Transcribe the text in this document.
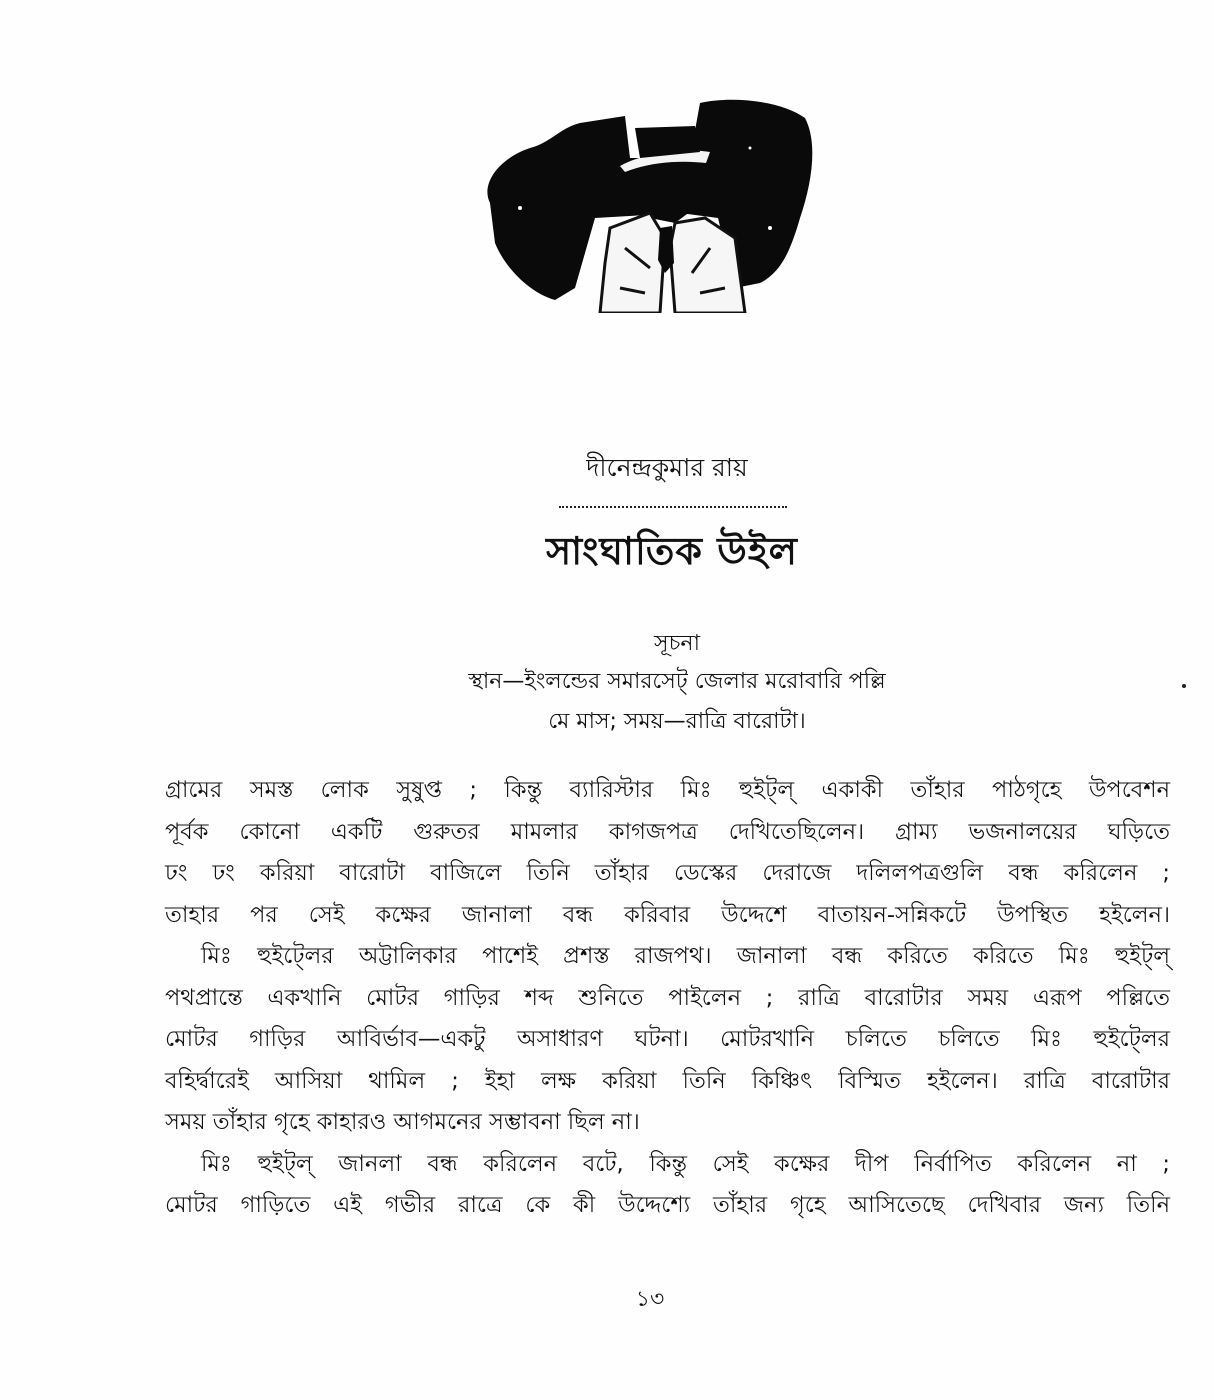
দীনেন্দ্রকুমার রায়
সাংঘাতিক উইল
সূচনা
স্থান—ইংলন্ডের সমারসেট্ জেলার মরোবারি পল্লি
মে মাস; সময়—রাত্রি বারোটা।
গ্রামের সমস্ত লোক সুষুপ্ত ; কিন্তু ব্যারিস্টার মিঃ হুইট্ল্ একাকী তাঁহার পাঠগৃহে উপবেশন
পূর্বক কোনো একটি গুরুতর মামলার কাগজপত্র দেখিতেছিলেন। গ্রাম্য ভজনালয়ের ঘড়িতে
ঢং ঢং করিয়া বারোটা বাজিলে তিনি তাঁহার ডেস্কের দেরাজে দলিলপত্রগুলি বন্ধ করিলেন ;
তাহার পর সেই কক্ষের জানালা বন্ধ করিবার উদ্দেশে বাতায়ন-সন্নিকটে উপস্থিত হইলেন।
মিঃ হুইট্লের অট্টালিকার পাশেই প্রশস্ত রাজপথ। জানালা বন্ধ করিতে করিতে মিঃ হুইট্ল্
পথপ্রান্তে একখানি মোটর গাড়ির শব্দ শুনিতে পাইলেন ; রাত্রি বারোটার সময় এরূপ পল্লিতে
মোটর গাড়ির আবির্ভাব—একটু অসাধারণ ঘটনা। মোটরখানি চলিতে চলিতে মিঃ হুইট্লের
বহির্দ্বারেই আসিয়া থামিল ; ইহা লক্ষ করিয়া তিনি কিঞ্চিৎ বিস্মিত হইলেন। রাত্রি বারোটার
সময় তাঁহার গৃহে কাহারও আগমনের সম্ভাবনা ছিল না।
মিঃ হুইট্ল্ জানলা বন্ধ করিলেন বটে, কিন্তু সেই কক্ষের দীপ নির্বাপিত করিলেন না ;
মোটর গাড়িতে এই গভীর রাত্রে কে কী উদ্দেশ্যে তাঁহার গৃহে আসিতেছে দেখিবার জন্য তিনি
১৩
